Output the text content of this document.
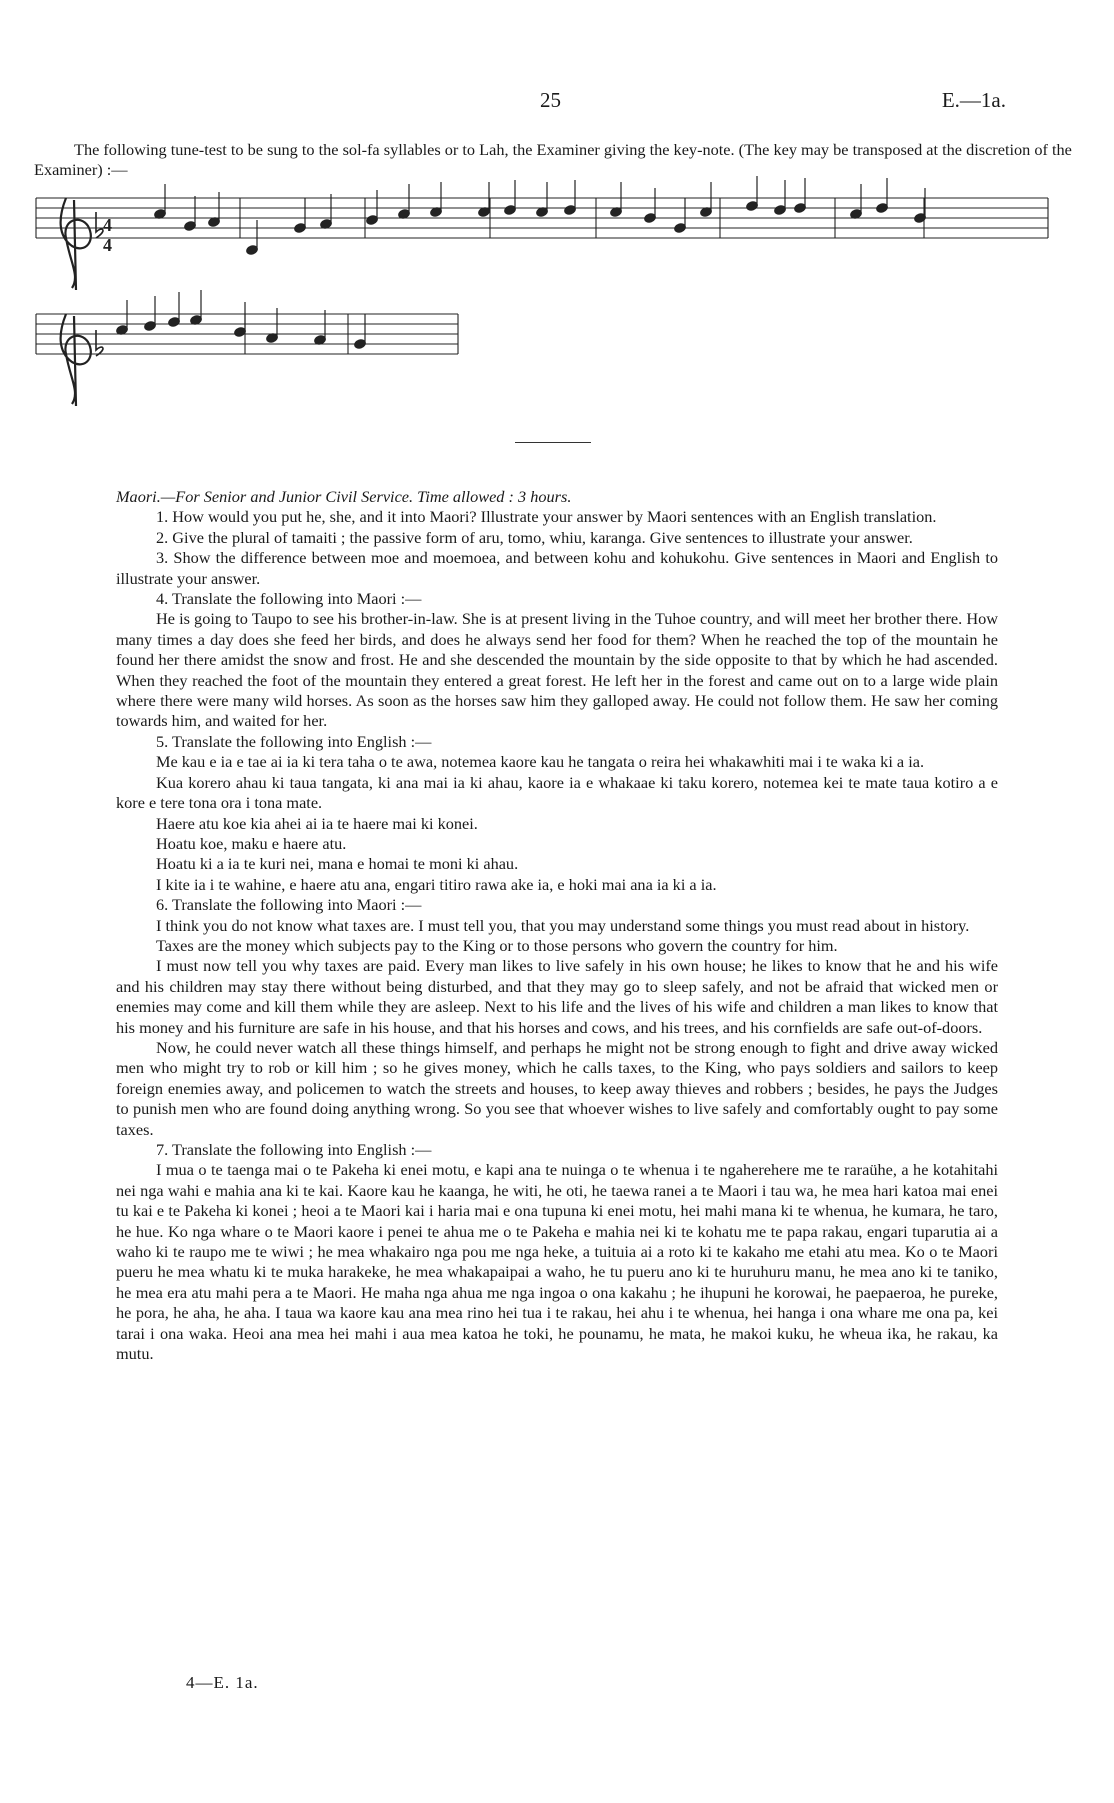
25	E.—1a.

The following tune-test to be sung to the sol-fa syllables or to Lah, the Examiner giving the key-note. (The key may be transposed at the discretion of the Examiner) :—

4
4

Maori.—For Senior and Junior Civil Service. Time allowed : 3 hours.

1. How would you put he, she, and it into Maori? Illustrate your answer by Maori sentences with an English translation.

2. Give the plural of tamaiti ; the passive form of aru, tomo, whiu, karanga. Give sentences to illustrate your answer.

3. Show the difference between moe and moemoea, and between kohu and kohukohu. Give sentences in Maori and English to illustrate your answer.

4. Translate the following into Maori :—

He is going to Taupo to see his brother-in-law. She is at present living in the Tuhoe country, and will meet her brother there. How many times a day does she feed her birds, and does he always send her food for them? When he reached the top of the mountain he found her there amidst the snow and frost. He and she descended the mountain by the side opposite to that by which he had ascended. When they reached the foot of the mountain they entered a great forest. He left her in the forest and came out on to a large wide plain where there were many wild horses. As soon as the horses saw him they galloped away. He could not follow them. He saw her coming towards him, and waited for her.

5. Translate the following into English :—

Me kau e ia e tae ai ia ki tera taha o te awa, notemea kaore kau he tangata o reira hei whakawhiti mai i te waka ki a ia.

Kua korero ahau ki taua tangata, ki ana mai ia ki ahau, kaore ia e whakaae ki taku korero, notemea kei te mate taua kotiro a e kore e tere tona ora i tona mate.

Haere atu koe kia ahei ai ia te haere mai ki konei.

Hoatu koe, maku e haere atu.

Hoatu ki a ia te kuri nei, mana e homai te moni ki ahau.

I kite ia i te wahine, e haere atu ana, engari titiro rawa ake ia, e hoki mai ana ia ki a ia.

6. Translate the following into Maori :—

I think you do not know what taxes are. I must tell you, that you may understand some things you must read about in history.

Taxes are the money which subjects pay to the King or to those persons who govern the country for him.

I must now tell you why taxes are paid. Every man likes to live safely in his own house; he likes to know that he and his wife and his children may stay there without being disturbed, and that they may go to sleep safely, and not be afraid that wicked men or enemies may come and kill them while they are asleep. Next to his life and the lives of his wife and children a man likes to know that his money and his furniture are safe in his house, and that his horses and cows, and his trees, and his cornfields are safe out-of-doors.

Now, he could never watch all these things himself, and perhaps he might not be strong enough to fight and drive away wicked men who might try to rob or kill him ; so he gives money, which he calls taxes, to the King, who pays soldiers and sailors to keep foreign enemies away, and policemen to watch the streets and houses, to keep away thieves and robbers ; besides, he pays the Judges to punish men who are found doing anything wrong. So you see that whoever wishes to live safely and comfortably ought to pay some taxes.

7. Translate the following into English :—

I mua o te taenga mai o te Pakeha ki enei motu, e kapi ana te nuinga o te whenua i te ngaherehere me te raraühe, a he kotahitahi nei nga wahi e mahia ana ki te kai. Kaore kau he kaanga, he witi, he oti, he taewa ranei a te Maori i tau wa, he mea hari katoa mai enei tu kai e te Pakeha ki konei ; heoi a te Maori kai i haria mai e ona tupuna ki enei motu, hei mahi mana ki te whenua, he kumara, he taro, he hue. Ko nga whare o te Maori kaore i penei te ahua me o te Pakeha e mahia nei ki te kohatu me te papa rakau, engari tuparutia ai a waho ki te raupo me te wiwi ; he mea whakairo nga pou me nga heke, a tuituia ai a roto ki te kakaho me etahi atu mea. Ko o te Maori pueru he mea whatu ki te muka harakeke, he mea whakapaipai a waho, he tu pueru ano ki te huruhuru manu, he mea ano ki te taniko, he mea era atu mahi pera a te Maori. He maha nga ahua me nga ingoa o ona kakahu ; he ihupuni he korowai, he paepaeroa, he pureke, he pora, he aha, he aha. I taua wa kaore kau ana mea rino hei tua i te rakau, hei ahu i te whenua, hei hanga i ona whare me ona pa, kei tarai i ona waka. Heoi ana mea hei mahi i aua mea katoa he toki, he pounamu, he mata, he makoi kuku, he wheua ika, he rakau, ka mutu.

4—E. 1a.
